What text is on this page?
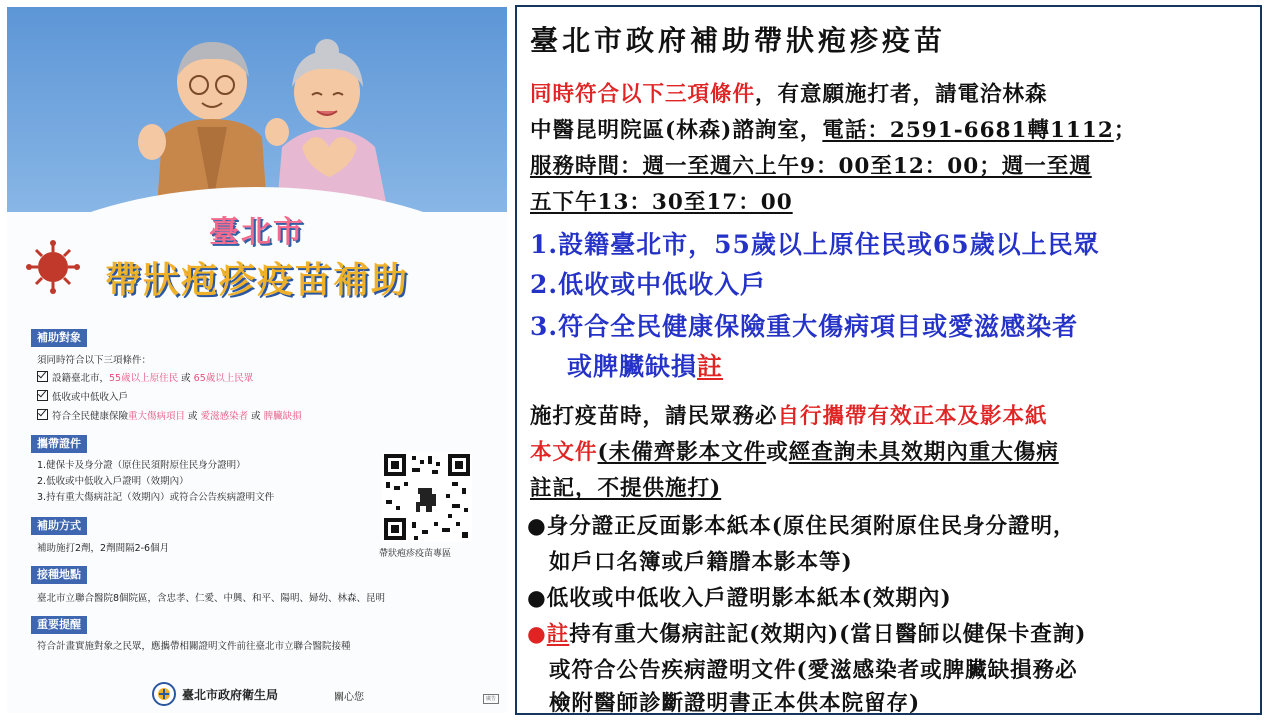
臺北市
帶狀疱疹疫苗補助
補助對象
須同時符合以下三項條件：
設籍臺北市，55歲以上原住民 或 65歲以上民眾
低收或中低收入戶
符合全民健康保險重大傷病項目 或 愛滋感染者 或 脾臟缺損
攜帶證件
1.健保卡及身分證（原住民須附原住民身分證明）
2.低收或中低收入戶證明（效期內）
3.持有重大傷病註記（效期內）或符合公告疾病證明文件
帶狀疱疹疫苗專區
補助方式
補助施打2劑，2劑間隔2-6個月
接種地點
臺北市立聯合醫院8個院區，含忠孝、仁愛、中興、和平、陽明、婦幼、林森、昆明
重要提醒
符合計畫實施對象之民眾，應攜帶相關證明文件前往臺北市立聯合醫院接種
臺北市政府衛生局	關心您	廣告
臺北市政府補助帶狀疱疹疫苗
同時符合以下三項條件，有意願施打者，請電洽林森
中醫昆明院區(林森)諮詢室，電話：2591-6681轉1112；
服務時間：週一至週六上午9：00至12：00；週一至週
五下午13：30至17：00
1.設籍臺北市，55歲以上原住民或65歲以上民眾
2.低收或中低收入戶
3.符合全民健康保險重大傷病項目或愛滋感染者
或脾臟缺損註
施打疫苗時，請民眾務必自行攜帶有效正本及影本紙
本文件(未備齊影本文件或經查詢未具效期內重大傷病
註記，不提供施打)
●身分證正反面影本紙本(原住民須附原住民身分證明，
如戶口名簿或戶籍謄本影本等)
●低收或中低收入戶證明影本紙本(效期內)
●註持有重大傷病註記(效期內)(當日醫師以健保卡查詢)
或符合公告疾病證明文件(愛滋感染者或脾臟缺損務必
檢附醫師診斷證明書正本供本院留存)
